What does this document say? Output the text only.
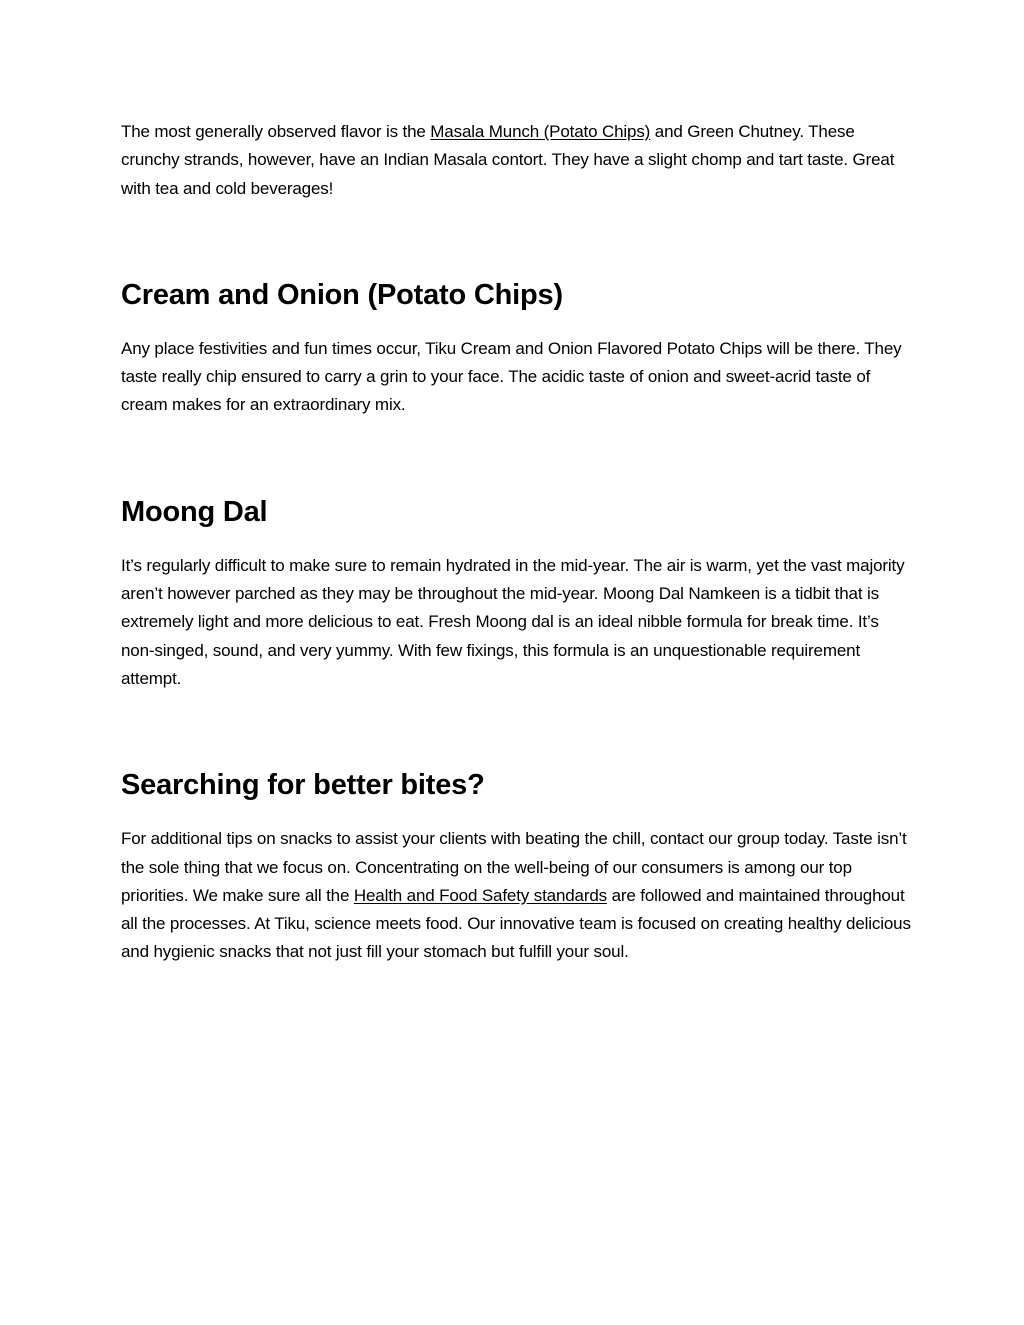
The most generally observed flavor is the Masala Munch (Potato Chips) and Green Chutney. These crunchy strands, however, have an Indian Masala contort. They have a slight chomp and tart taste. Great with tea and cold beverages!

Cream and Onion (Potato Chips)

Any place festivities and fun times occur, Tiku Cream and Onion Flavored Potato Chips will be there. They taste really chip ensured to carry a grin to your face. The acidic taste of onion and sweet-acrid taste of cream makes for an extraordinary mix.

Moong Dal

It’s regularly difficult to make sure to remain hydrated in the mid-year. The air is warm, yet the vast majority aren’t however parched as they may be throughout the mid-year. Moong Dal Namkeen is a tidbit that is extremely light and more delicious to eat. Fresh Moong dal is an ideal nibble formula for break time. It’s non-singed, sound, and very yummy. With few fixings, this formula is an unquestionable requirement attempt.

Searching for better bites?

For additional tips on snacks to assist your clients with beating the chill, contact our group today. Taste isn’t the sole thing that we focus on. Concentrating on the well-being of our consumers is among our top priorities. We make sure all the Health and Food Safety standards are followed and maintained throughout all the processes. At Tiku, science meets food. Our innovative team is focused on creating healthy delicious and hygienic snacks that not just fill your stomach but fulfill your soul.
